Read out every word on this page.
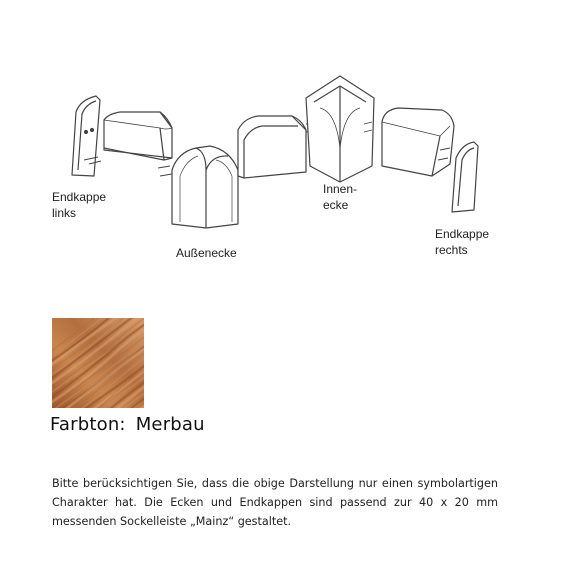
Endkappe
links
Außenecke
Innen-
ecke
Endkappe
rechts
Farbton: Merbau
Bitte berücksichtigen Sie, dass die obige Darstellung nur einen symbolartigen Charakter hat. Die Ecken und Endkappen sind passend zur 40 x 20 mm messenden Sockelleiste „Mainz“ gestaltet.
